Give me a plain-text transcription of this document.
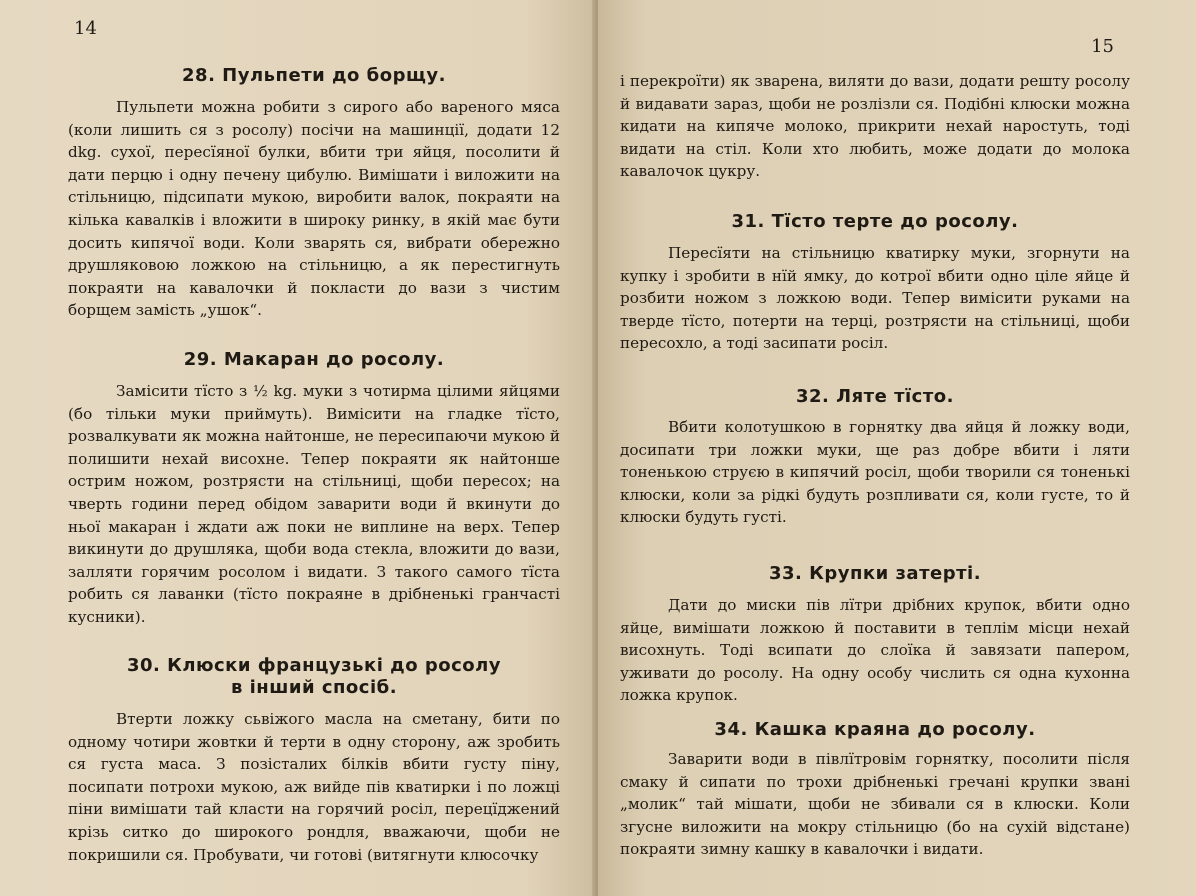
14
28. Пульпети до борщу.

Пульпети можна робити з сирого або вареного мяса (коли лишить ся з росолу) посічи на машинції, додати 12 dkg. сухої, пересїяної булки, вбити три яйця, посолити й дати перцю і одну печену цибулю. Вимішати і виложити на стільницю, підсипати мукою, виробити валок, покраяти на кілька кавалків і вложити в широку ринку, в якій має бути досить кипячої води. Коли зварять ся, вибрати обережно друшляковою ложкою на стільницю, а як перестигнуть покраяти на кавалочки й покласти до вази з чистим борщем замість „ушок“.

29. Макаран до росолу.

Замісити тїсто з ½ kg. муки з чотирма цілими яйцями (бо тільки муки приймуть). Вимісити на гладке тїсто, розвалкувати як можна найтонше, не пересипаючи мукою й полишити нехай висохне. Тепер покраяти як найтонше острим ножом, розтрясти на стільниці, щоби пересох; на чверть години перед обідом заварити води й вкинути до ньої макаран і ждати аж поки не виплине на верх. Тепер викинути до друшляка, щоби вода стекла, вложити до вази, залляти горячим росолом і видати. З такого самого тїста робить ся лаванки (тїсто покраяне в дрібненькі грaнчасті кусники).

30. Клюски французькі до росолу
в інший спосіб.

Втерти ложку сьвіжого масла на сметану, бити по одному чотири жовтки й терти в одну сторону, аж зробить ся густа маса. З позісталих білків вбити густу піну, посипати потрохи мукою, аж вийде пів кватирки і по ложці піни вимішати тай класти на горячий росіл, перецїджений крізь ситко до широкого рондля, вважаючи, щоби не покришили ся. Пробувати, чи готові (витягнути клюсочку

15

і перекроїти) як зварена, виляти до вази, додати решту росолу й видавати зараз, щоби не розлізли ся. Подібні клюски можна кидати на кипяче молоко, прикрити нехай наростуть, тоді видати на стіл. Коли хто любить, може додати до молока кавалочок цукру.

31. Тїсто терте до росолу.

Пересїяти на стільницю кватирку муки, згорнути на купку і зробити в нїй ямку, до котрої вбити одно ціле яйце й розбити ножом з ложкою води. Тепер вимісити руками на тверде тїсто, потерти на терці, розтрясти на стільниці, щоби пересохло, а тоді засипати росіл.

32. Ляте тїсто.

Вбити колотушкою в горнятку два яйця й ложку води, досипати три ложки муки, ще раз добре вбити і ляти тоненькою струєю в кипячий росіл, щоби творили ся тоненькі клюски, коли за рідкі будуть розпливати ся, коли густе, то й клюски будуть густі.

33. Крупки затерті.

Дати до миски пів лїтри дрібних крупок, вбити одно яйце, вимішати ложкою й поставити в теплім місци нехай висохнуть. Тоді всипати до слоїка й завязати папером, уживати до росолу. На одну особу числить ся одна кухонна ложка крупок.

34. Кашка краяна до росолу.

Заварити води в півлїтровім горнятку, посолити після смаку й сипати по трохи дрібненькі гречані крупки звані „молик“ тай мішати, щоби не збивали ся в клюски. Коли згусне виложити на мокру стільницю (бо на сухій відстане) покраяти зимну кашку в кавалочки і видати.
